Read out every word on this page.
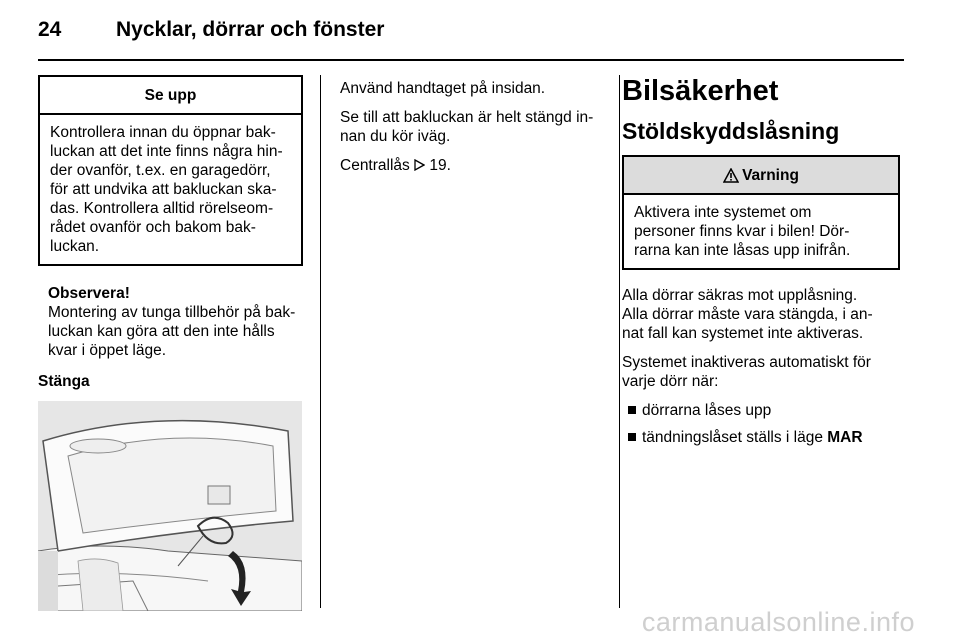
24	Nycklar, dörrar och fönster
Se upp
Kontrollera innan du öppnar bak-
luckan att det inte finns några hin-
der ovanför, t.ex. en garagedörr,
för att undvika att bakluckan ska-
das. Kontrollera alltid rörelseom-
rådet ovanför och bakom bak-
luckan.
Observera!
Montering av tunga tillbehör på bak-
luckan kan göra att den inte hålls
kvar i öppet läge.
Stänga

Använd handtaget på insidan.

Se till att bakluckan är helt stängd in-
nan du kör iväg.

Centrallås 19.

Bilsäkerhet
Stöldskyddslåsning
Varning
Aktivera inte systemet om
personer finns kvar i bilen! Dör-
rarna kan inte låsas upp inifrån.

Alla dörrar säkras mot upplåsning.
Alla dörrar måste vara stängda, i an-
nat fall kan systemet inte aktiveras.

Systemet inaktiveras automatiskt för
varje dörr när:

dörrarna låses upp
tändningslåset ställs i läge MAR
carmanualsonline.info
